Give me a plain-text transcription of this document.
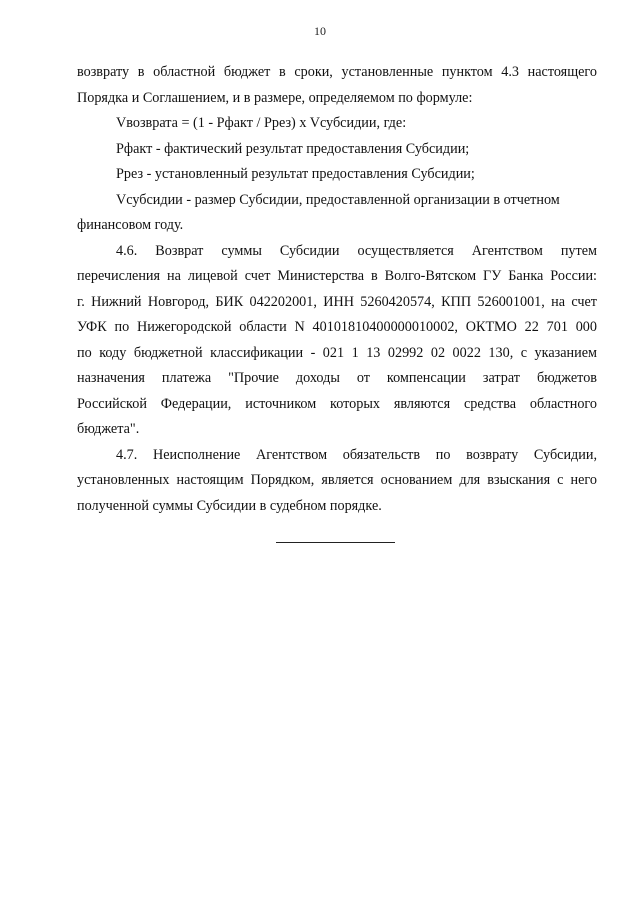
10
возврату в областной бюджет в сроки, установленные пунктом 4.3 настоящего
Порядка и Соглашением, и в размере, определяемом по формуле:
Vвозврата = (1 - Рфакт / Ррез) x Vсубсидии, где:
Рфакт - фактический результат предоставления Субсидии;
Ррез - установленный результат предоставления Субсидии;
Vсубсидии - размер Субсидии, предоставленной организации в отчетном
финансовом году.
4.6. Возврат суммы Субсидии осуществляется Агентством путем
перечисления на лицевой счет Министерства в Волго-Вятском ГУ Банка России:
г. Нижний Новгород, БИК 042202001, ИНН 5260420574, КПП 526001001, на счет
УФК по Нижегородской области N 40101810400000010002, ОКТМО 22 701 000
по коду бюджетной классификации - 021 1 13 02992 02 0022 130, с указанием
назначения платежа "Прочие доходы от компенсации затрат бюджетов
Российской Федерации, источником которых являются средства областного
бюджета".
4.7. Неисполнение Агентством обязательств по возврату Субсидии,
установленных настоящим Порядком, является основанием для взыскания с него
полученной суммы Субсидии в судебном порядке.
